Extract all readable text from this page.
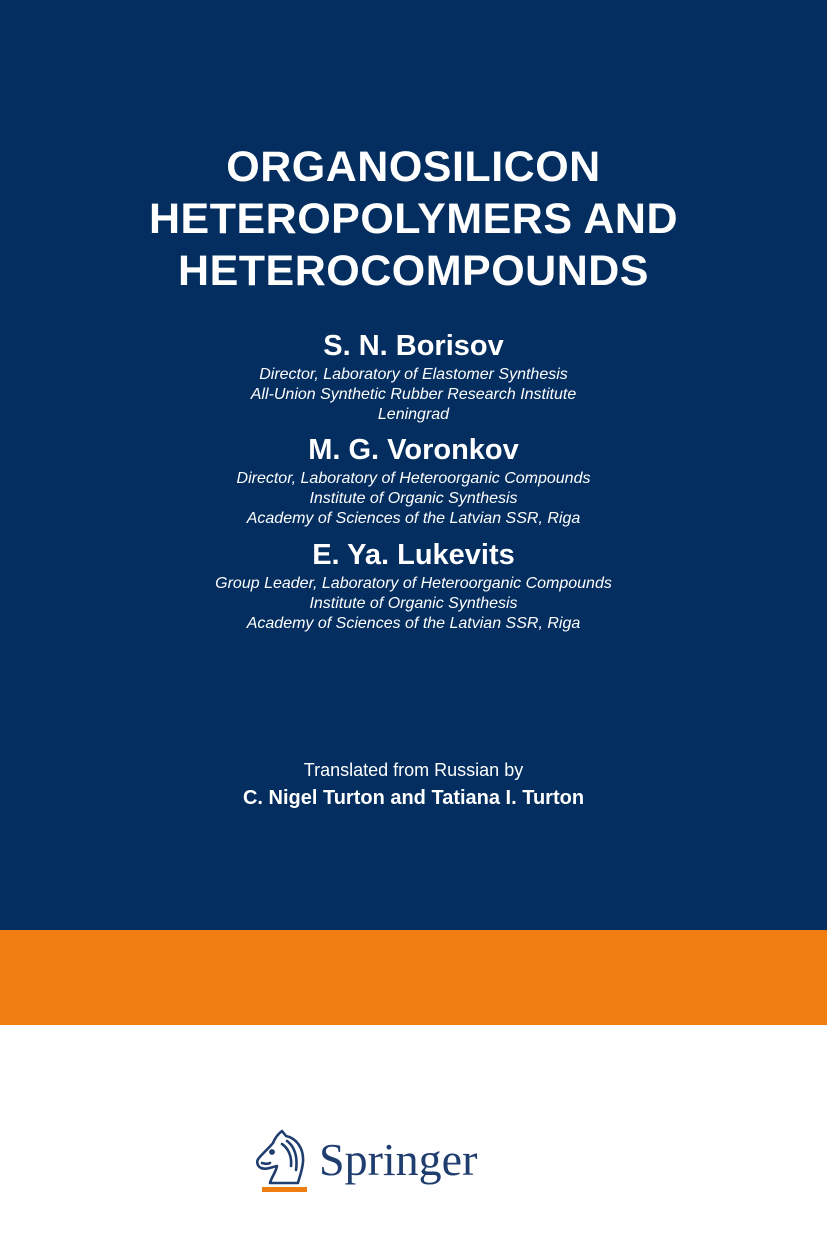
ORGANOSILICON
HETEROPOLYMERS AND
HETEROCOMPOUNDS
S. N. Borisov
Director, Laboratory of Elastomer Synthesis
All-Union Synthetic Rubber Research Institute
Leningrad
M. G. Voronkov
Director, Laboratory of Heteroorganic Compounds
Institute of Organic Synthesis
Academy of Sciences of the Latvian SSR, Riga
E. Ya. Lukevits
Group Leader, Laboratory of Heteroorganic Compounds
Institute of Organic Synthesis
Academy of Sciences of the Latvian SSR, Riga
Translated from Russian by
C. Nigel Turton and Tatiana I. Turton
Springer
